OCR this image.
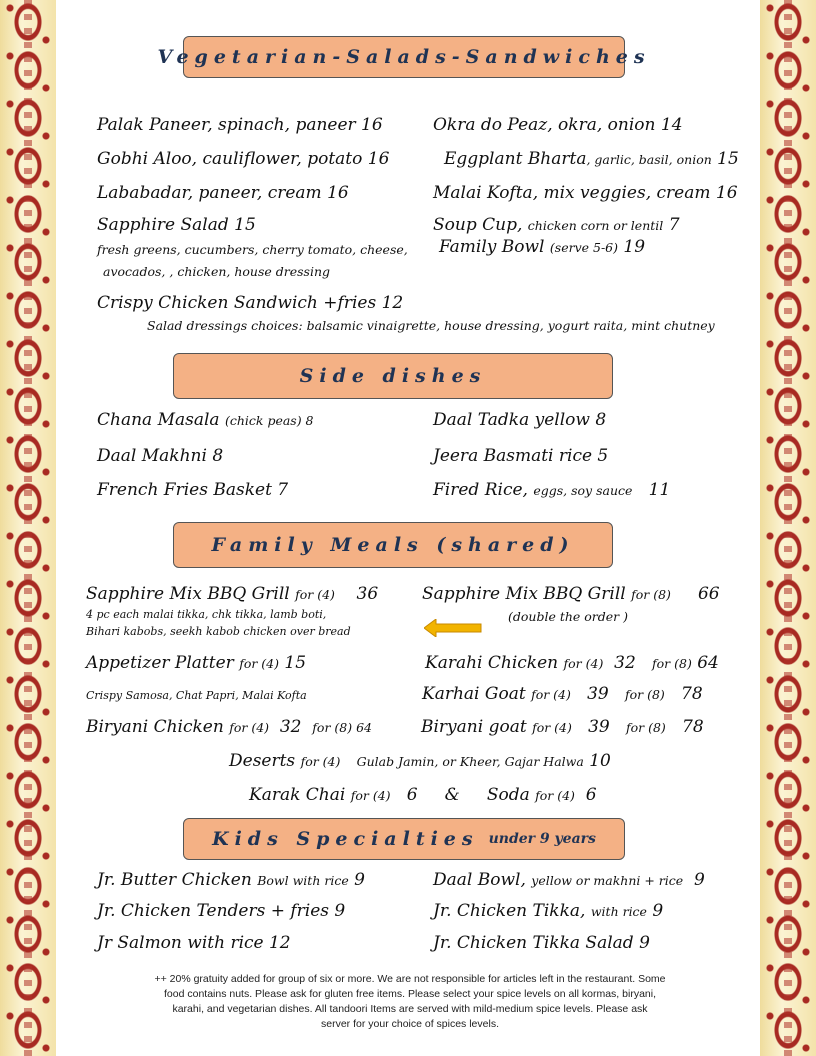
Vegetarian-Salads-Sandwiches
Palak Paneer, spinach, paneer 16
Gobhi Aloo, cauliflower, potato 16
Lababadar, paneer, cream 16
Sapphire Salad 15
fresh greens, cucumbers, cherry tomato, cheese,
avocados, , chicken, house dressing
Okra do Peaz, okra, onion 14
Eggplant Bharta, garlic, basil, onion 15
Malai Kofta, mix veggies, cream 16
Soup Cup, chicken corn or lentil 7
Family Bowl (serve 5-6) 19
Crispy Chicken Sandwich +fries 12
Salad dressings choices: balsamic vinaigrette, house dressing, yogurt raita, mint chutney
Side dishes
Chana Masala (chick peas) 8
Daal Makhni 8
French Fries Basket 7
Daal Tadka yellow 8
Jeera Basmati rice 5
Fired Rice, eggs, soy sauce 11
Family Meals (shared)
Sapphire Mix BBQ Grill for (4) 36
4 pc each malai tikka, chk tikka, lamb boti,
Bihari kabobs, seekh kabob chicken over bread
Sapphire Mix BBQ Grill for (8) 66
(double the order )
Appetizer Platter for (4) 15
Crispy Samosa, Chat Papri, Malai Kofta
Karahi Chicken for (4) 32 for (8) 64
Karhai Goat for (4) 39 for (8) 78
Biryani Chicken for (4) 32 for (8) 64	Biryani goat for (4) 39 for (8) 78
Deserts for (4) Gulab Jamin, or Kheer, Gajar Halwa 10
Karak Chai for (4) 6 & Soda for (4) 6
Kids Specialties under 9 years
Jr. Butter Chicken Bowl with rice 9
Jr. Chicken Tenders + fries 9
Jr Salmon with rice 12
Daal Bowl, yellow or makhni + rice 9
Jr. Chicken Tikka, with rice 9
Jr. Chicken Tikka Salad 9
++ 20% gratuity added for group of six or more. We are not responsible for articles left in the restaurant. Some
food contains nuts. Please ask for gluten free items. Please select your spice levels on all kormas, biryani,
karahi, and vegetarian dishes. All tandoori Items are served with mild-medium spice levels. Please ask
server for your choice of spices levels.
